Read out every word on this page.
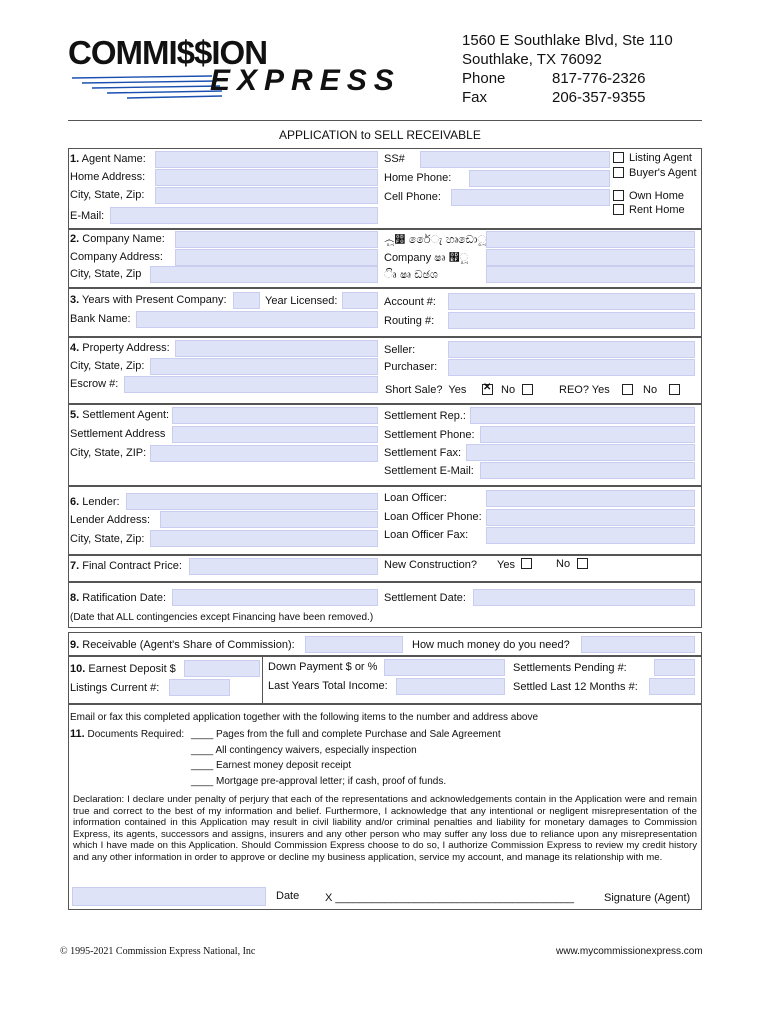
COMMI$$ION
EXPRESS
1560 E Southlake Blvd, Ste 110
Southlake, TX 76092
Phone	817-776-2326
Fax	206-357-9355
APPLICATION to SELL RECEIVABLE
1. Agent Name:
Home Address:
City, State, Zip:
E-Mail:
SS#
Home Phone:
Cell Phone:
Listing Agent
Buyer's Agent
Own Home
Rent Home
2. Company Name:
Company Address:
City, State, Zip
෴ූ෰ රෙේැ හෘඩොූ
Company ෂෘ ඿ූ
ිෘ ෂෘ ඩඡශ
3. Years with Present Company:	Year Licensed:
Bank Name:
Account #:
Routing #:
4. Property Address:
City, State, Zip:
Escrow #:
Seller:
Purchaser:
Short Sale? Yes
✕	No	REO? Yes	No
5. Settlement Agent:
Settlement Address
City, State, ZIP:
Settlement Rep.:
Settlement Phone:
Settlement Fax:
Settlement E-Mail:
6. Lender:
Lender Address:
City, State, Zip:
Loan Officer:
Loan Officer Phone:
Loan Officer Fax:
7. Final Contract Price:	New Construction? Yes	No
8. Ratification Date:	Settlement Date:
(Date that ALL contingencies except Financing have been removed.)
9. Receivable (Agent's Share of Commission):	How much money do you need?
10. Earnest Deposit $
Listings Current #:
Down Payment $ or %
Last Years Total Income:
Settlements Pending #:
Settled Last 12 Months #:
Email or fax this completed application together with the following items to the number and address above
11. Documents Required: ____ Pages from the full and complete Purchase and Sale Agreement
____ All contingency waivers, especially inspection
____ Earnest money deposit receipt
____ Mortgage pre-approval letter; if cash, proof of funds.
Declaration: I declare under penalty of perjury that each of the representations and acknowledgements contain in the Application were and remain true and correct to the best of my information and belief. Furthermore, I acknowledge that any intentional or negligent misrepresentation of the information contained in this Application may result in civil liability and/or criminal penalties and liability for monetary damages to Commission Express, its agents, successors and assigns, insurers and any other person who may suffer any loss due to reliance upon any misrepresentation which I have made on this Application. Should Commission Express choose to do so, I authorize Commission Express to review my credit history and any other information in order to approve or decline my business application, service my account, and manage its relationship with me.
Date X _______________________________________	Signature (Agent)
© 1995-2021 Commission Express National, Inc	www.mycommissionexpress.com
